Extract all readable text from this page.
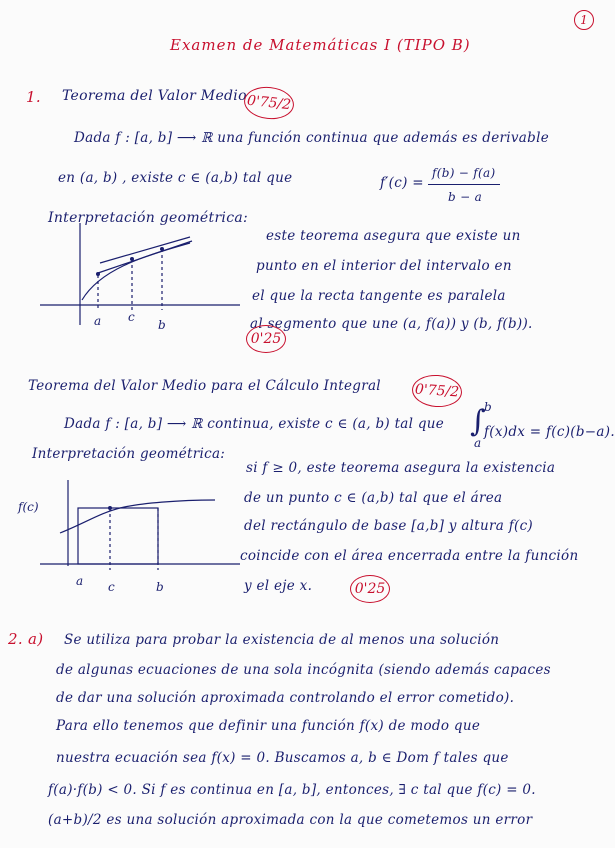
1
Examen de Matemáticas I (TIPO B)
1. Teorema del Valor Medio 0'75/2
Dada f : [a, b] ⟶ ℝ una función continua que además es derivable
en (a, b) , existe c ∈ (a,b) tal que	f′(c) =
f(b) − f(a)
b − a
Interpretación geométrica:
este teorema asegura que existe un
punto en el interior del intervalo en
el que la recta tangente es paralela
al segmento que une (a, f(a)) y (b, f(b)).
0'25
a c
b
Teorema del Valor Medio para el Cálculo Integral 0'75/2
Dada f : [a, b] ⟶ ℝ continua, existe c ∈ (a, b) tal que ∫
b
a
f(x)dx = f(c)(b−a).
Interpretación geométrica:
si f ≥ 0, este teorema asegura la existencia
de un punto c ∈ (a,b) tal que el área
del rectángulo de base [a,b] y altura f(c)
coincide con el área encerrada entre la función
y el eje x.	0'25
f(c)
a c	b
2. a) Se utiliza para probar la existencia de al menos una solución
de algunas ecuaciones de una sola incógnita (siendo además capaces
de dar una solución aproximada controlando el error cometido).
Para ello tenemos que definir una función f(x) de modo que
nuestra ecuación sea f(x) = 0. Buscamos a, b ∈ Dom f tales que
f(a)·f(b) < 0. Si f es continua en [a, b], entonces, ∃ c tal que f(c) = 0.
(a+b)/2 es una solución aproximada con la que cometemos un error
